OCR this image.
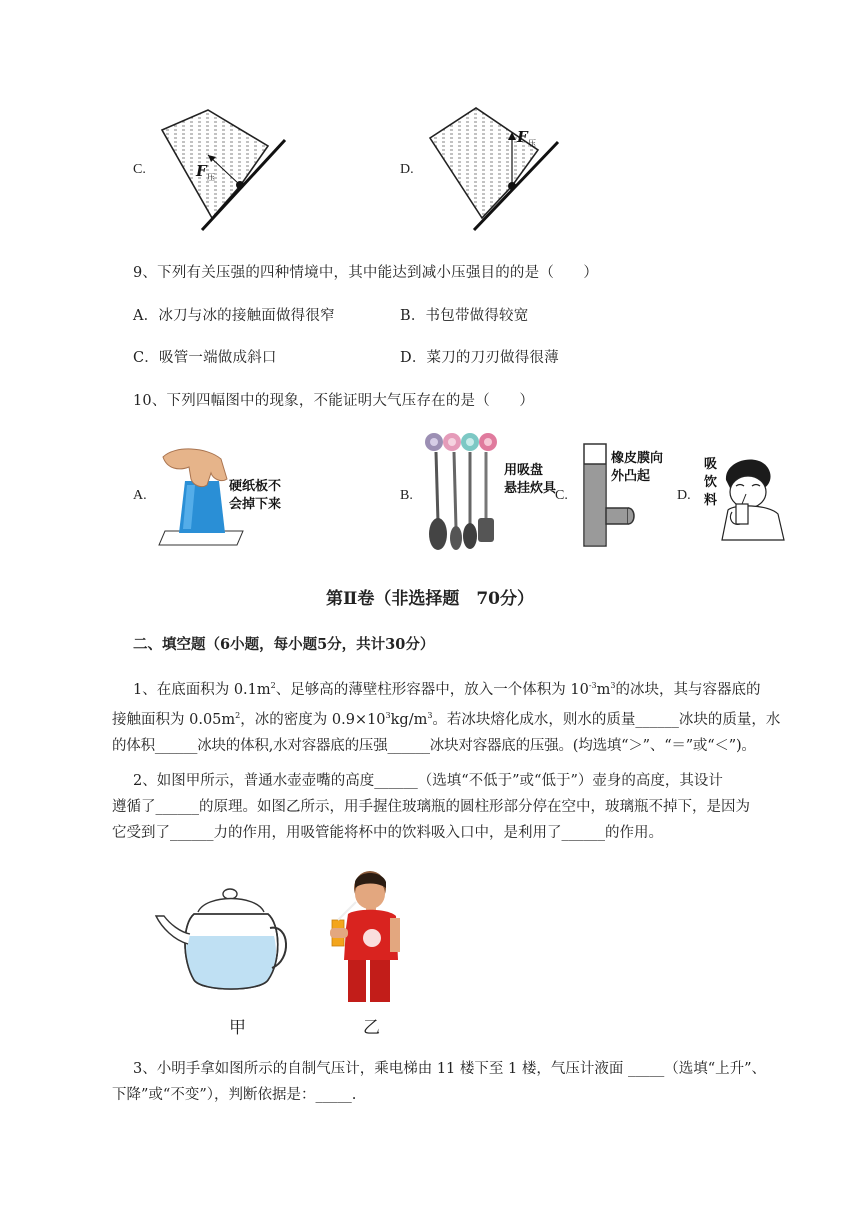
C.	F 压
D.
F 压
9、下列有关压强的四种情境中，其中能达到减小压强目的的是（　　）
A．冰刀与冰的接触面做得很窄	B．书包带做得较宽
C．吸管一端做成斜口	D．菜刀的刀刃做得很薄
10、下列四幅图中的现象，不能证明大气压存在的是（　　）
A.
硬纸板不
会掉下来
B.
用吸盘
悬挂炊具
C.
橡皮膜向
外凸起
D.
吸
饮
料
第Ⅱ卷（非选择题　70分）
二、填空题（6小题，每小题5分，共计30分）
1、在底面积为 $0.1m^2$、足够高的薄壁柱形容器中，放入一个体积为 $10^{-3}m^3$的冰块，其与容器底的
接触面积为 $0.05m^2$，冰的密度为 $0.9\times 10^3kg/m^3$。若冰块熔化成水，则水的质量______冰块的质量，水
的体积______冰块的体积,水对容器底的压强______冰块对容器底的压强。(均选填“＞”、“＝”或“＜”)。
2、如图甲所示，普通水壶壶嘴的高度______（选填“不低于”或“低于”）壶身的高度，其设计
遵循了______的原理。如图乙所示，用手握住玻璃瓶的圆柱形部分停在空中，玻璃瓶不掉下，是因为
它受到了______力的作用，用吸管能将杯中的饮料吸入口中，是利用了______的作用。
甲	乙
3、小明手拿如图所示的自制气压计，乘电梯由 11 楼下至 1 楼，气压计液面 _____（选填“上升”、
下降”或“不变”），判断依据是：_____.
